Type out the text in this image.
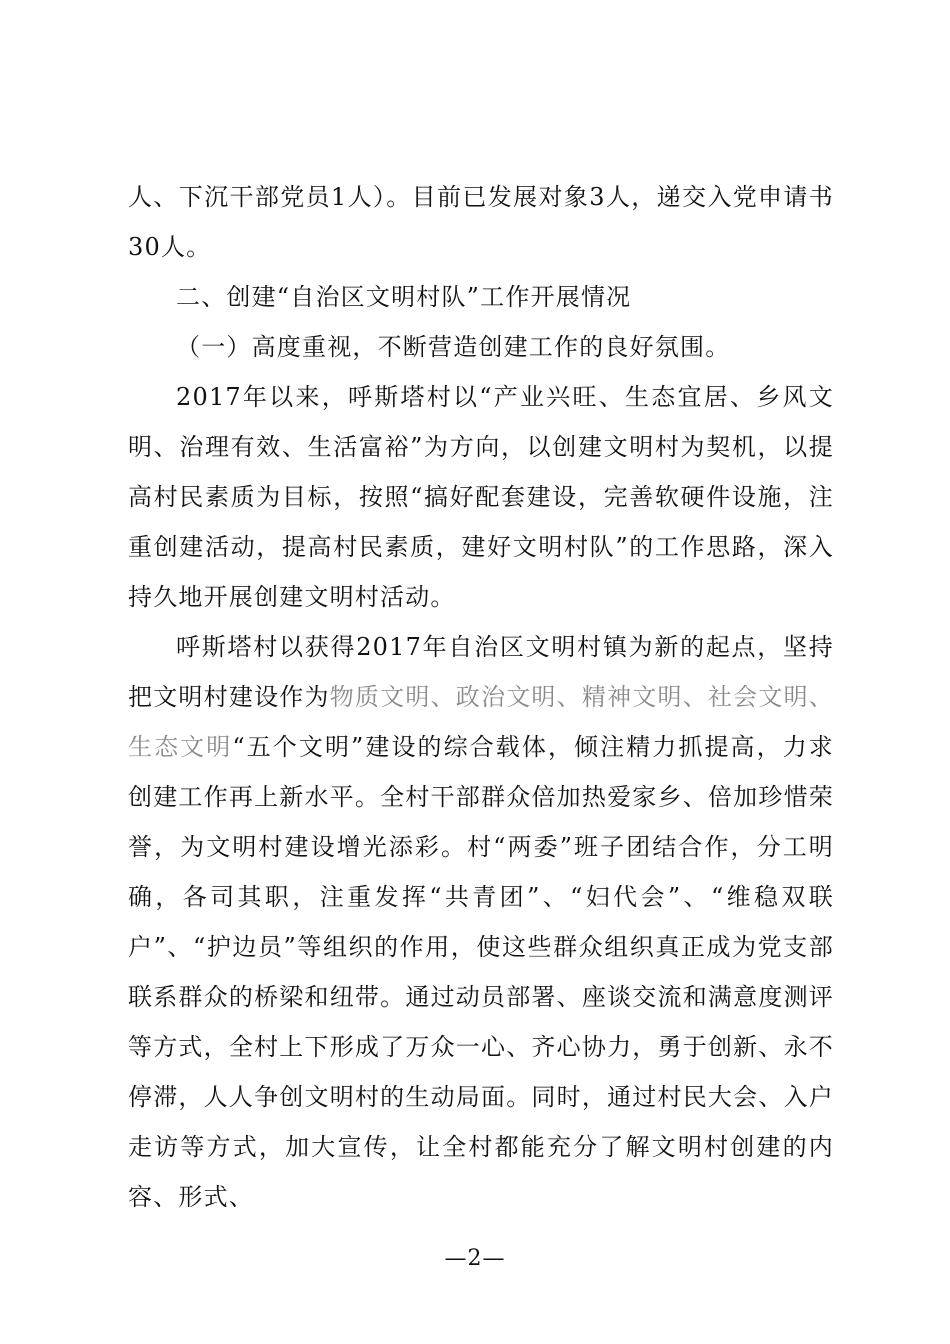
人、下沉干部党员1人）。目前已发展对象3人，递交入党申请书30人。

二、创建“自治区文明村队”工作开展情况

（一）高度重视，不断营造创建工作的良好氛围。

2017年以来，呼斯塔村以“产业兴旺、生态宜居、乡风文明、治理有效、生活富裕”为方向，以创建文明村为契机，以提高村民素质为目标，按照“搞好配套建设，完善软硬件设施，注重创建活动，提高村民素质，建好文明村队”的工作思路，深入持久地开展创建文明村活动。

呼斯塔村以获得2017年自治区文明村镇为新的起点，坚持把文明村建设作为物质文明、政治文明、精神文明、社会文明、生态文明“五个文明”建设的综合载体，倾注精力抓提高，力求创建工作再上新水平。全村干部群众倍加热爱家乡、倍加珍惜荣誉，为文明村建设增光添彩。村“两委”班子团结合作，分工明确，各司其职，注重发挥“共青团”、“妇代会”、“维稳双联户”、“护边员”等组织的作用，使这些群众组织真正成为党支部联系群众的桥梁和纽带。通过动员部署、座谈交流和满意度测评等方式，全村上下形成了万众一心、齐心协力，勇于创新、永不停滞，人人争创文明村的生动局面。同时，通过村民大会、入户走访等方式，加大宣传，让全村都能充分了解文明村创建的内容、形式、

—2—
